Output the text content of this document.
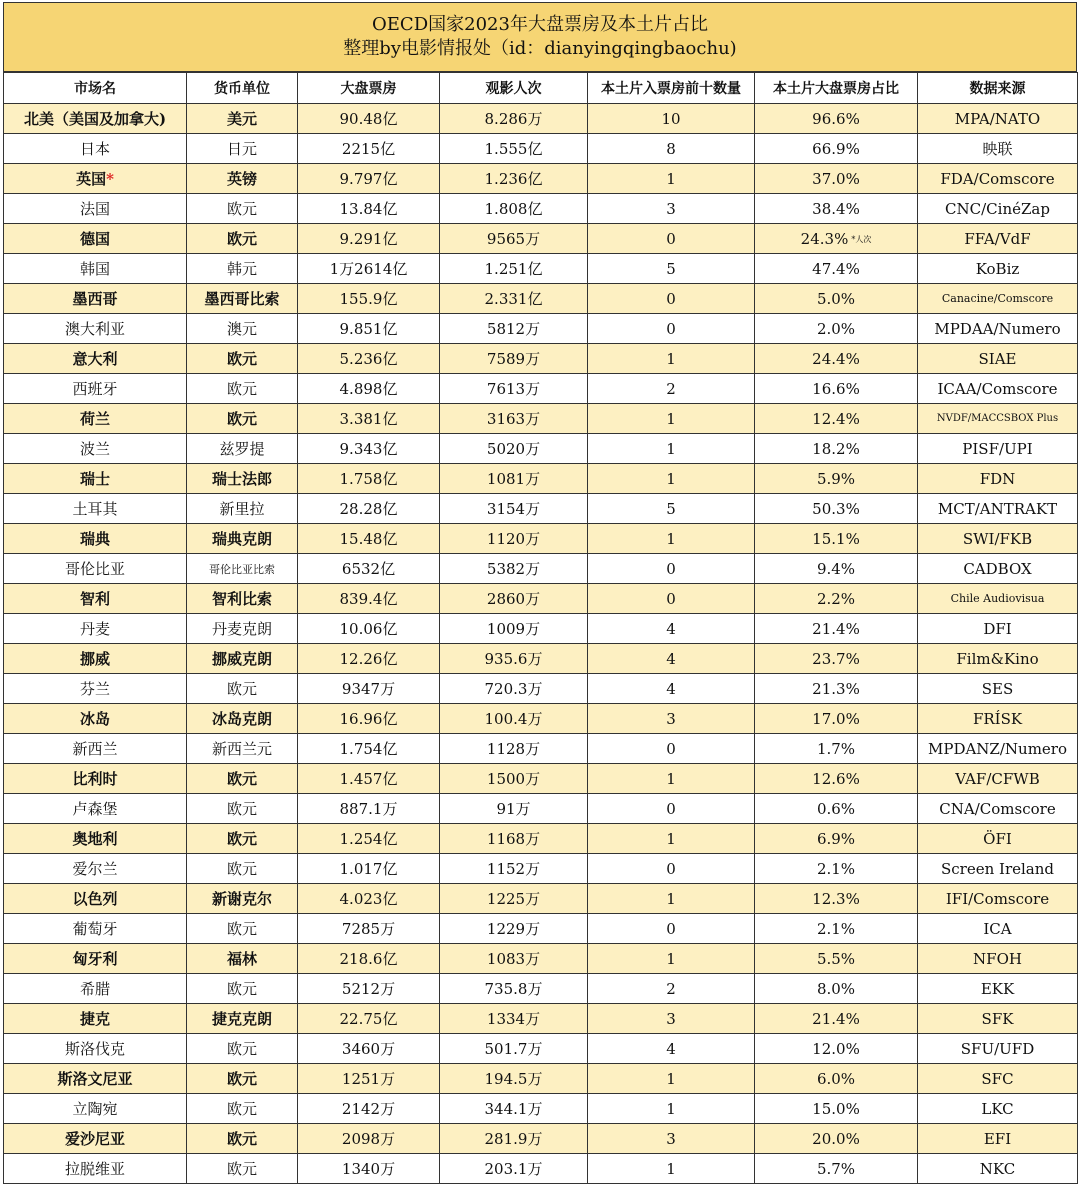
OECD国家2023年大盘票房及本土片占比
整理by电影情报处（id：dianyingqingbaochu)
市场名	货币单位	大盘票房	观影人次	本土片入票房前十数量	本土片大盘票房占比	数据来源
北美（美国及加拿大)	美元	90.48亿	8.286万	10	96.6%	MPA/NATO
日本	日元	2215亿	1.555亿	8	66.9%	映联
英国*	英镑	9.797亿	1.236亿	1	37.0%	FDA/Comscore
法国	欧元	13.84亿	1.808亿	3	38.4%	CNC/CinéZap
德国	欧元	9.291亿	9565万	0	24.3% *人次	FFA/VdF
韩国	韩元	1万2614亿	1.251亿	5	47.4%	KoBiz
墨西哥	墨西哥比索	155.9亿	2.331亿	0	5.0%	Canacine/Comscore
澳大利亚	澳元	9.851亿	5812万	0	2.0%	MPDAA/Numero
意大利	欧元	5.236亿	7589万	1	24.4%	SIAE
西班牙	欧元	4.898亿	7613万	2	16.6%	ICAA/Comscore
荷兰	欧元	3.381亿	3163万	1	12.4%	NVDF/MACCSBOX Plus
波兰	兹罗提	9.343亿	5020万	1	18.2%	PISF/UPI
瑞士	瑞士法郎	1.758亿	1081万	1	5.9%	FDN
土耳其	新里拉	28.28亿	3154万	5	50.3%	MCT/ANTRAKT
瑞典	瑞典克朗	15.48亿	1120万	1	15.1%	SWI/FKB
哥伦比亚	哥伦比亚比索	6532亿	5382万	0	9.4%	CADBOX
智利	智利比索	839.4亿	2860万	0	2.2%	Chile Audiovisua
丹麦	丹麦克朗	10.06亿	1009万	4	21.4%	DFI
挪威	挪威克朗	12.26亿	935.6万	4	23.7%	Film&Kino
芬兰	欧元	9347万	720.3万	4	21.3%	SES
冰岛	冰岛克朗	16.96亿	100.4万	3	17.0%	FRÍSK
新西兰	新西兰元	1.754亿	1128万	0	1.7%	MPDANZ/Numero
比利时	欧元	1.457亿	1500万	1	12.6%	VAF/CFWB
卢森堡	欧元	887.1万	91万	0	0.6%	CNA/Comscore
奥地利	欧元	1.254亿	1168万	1	6.9%	ÖFI
爱尔兰	欧元	1.017亿	1152万	0	2.1%	Screen Ireland
以色列	新谢克尔	4.023亿	1225万	1	12.3%	IFI/Comscore
葡萄牙	欧元	7285万	1229万	0	2.1%	ICA
匈牙利	福林	218.6亿	1083万	1	5.5%	NFOH
希腊	欧元	5212万	735.8万	2	8.0%	EKK
捷克	捷克克朗	22.75亿	1334万	3	21.4%	SFK
斯洛伐克	欧元	3460万	501.7万	4	12.0%	SFU/UFD
斯洛文尼亚	欧元	1251万	194.5万	1	6.0%	SFC
立陶宛	欧元	2142万	344.1万	1	15.0%	LKC
爱沙尼亚	欧元	2098万	281.9万	3	20.0%	EFI
拉脱维亚	欧元	1340万	203.1万	1	5.7%	NKC
